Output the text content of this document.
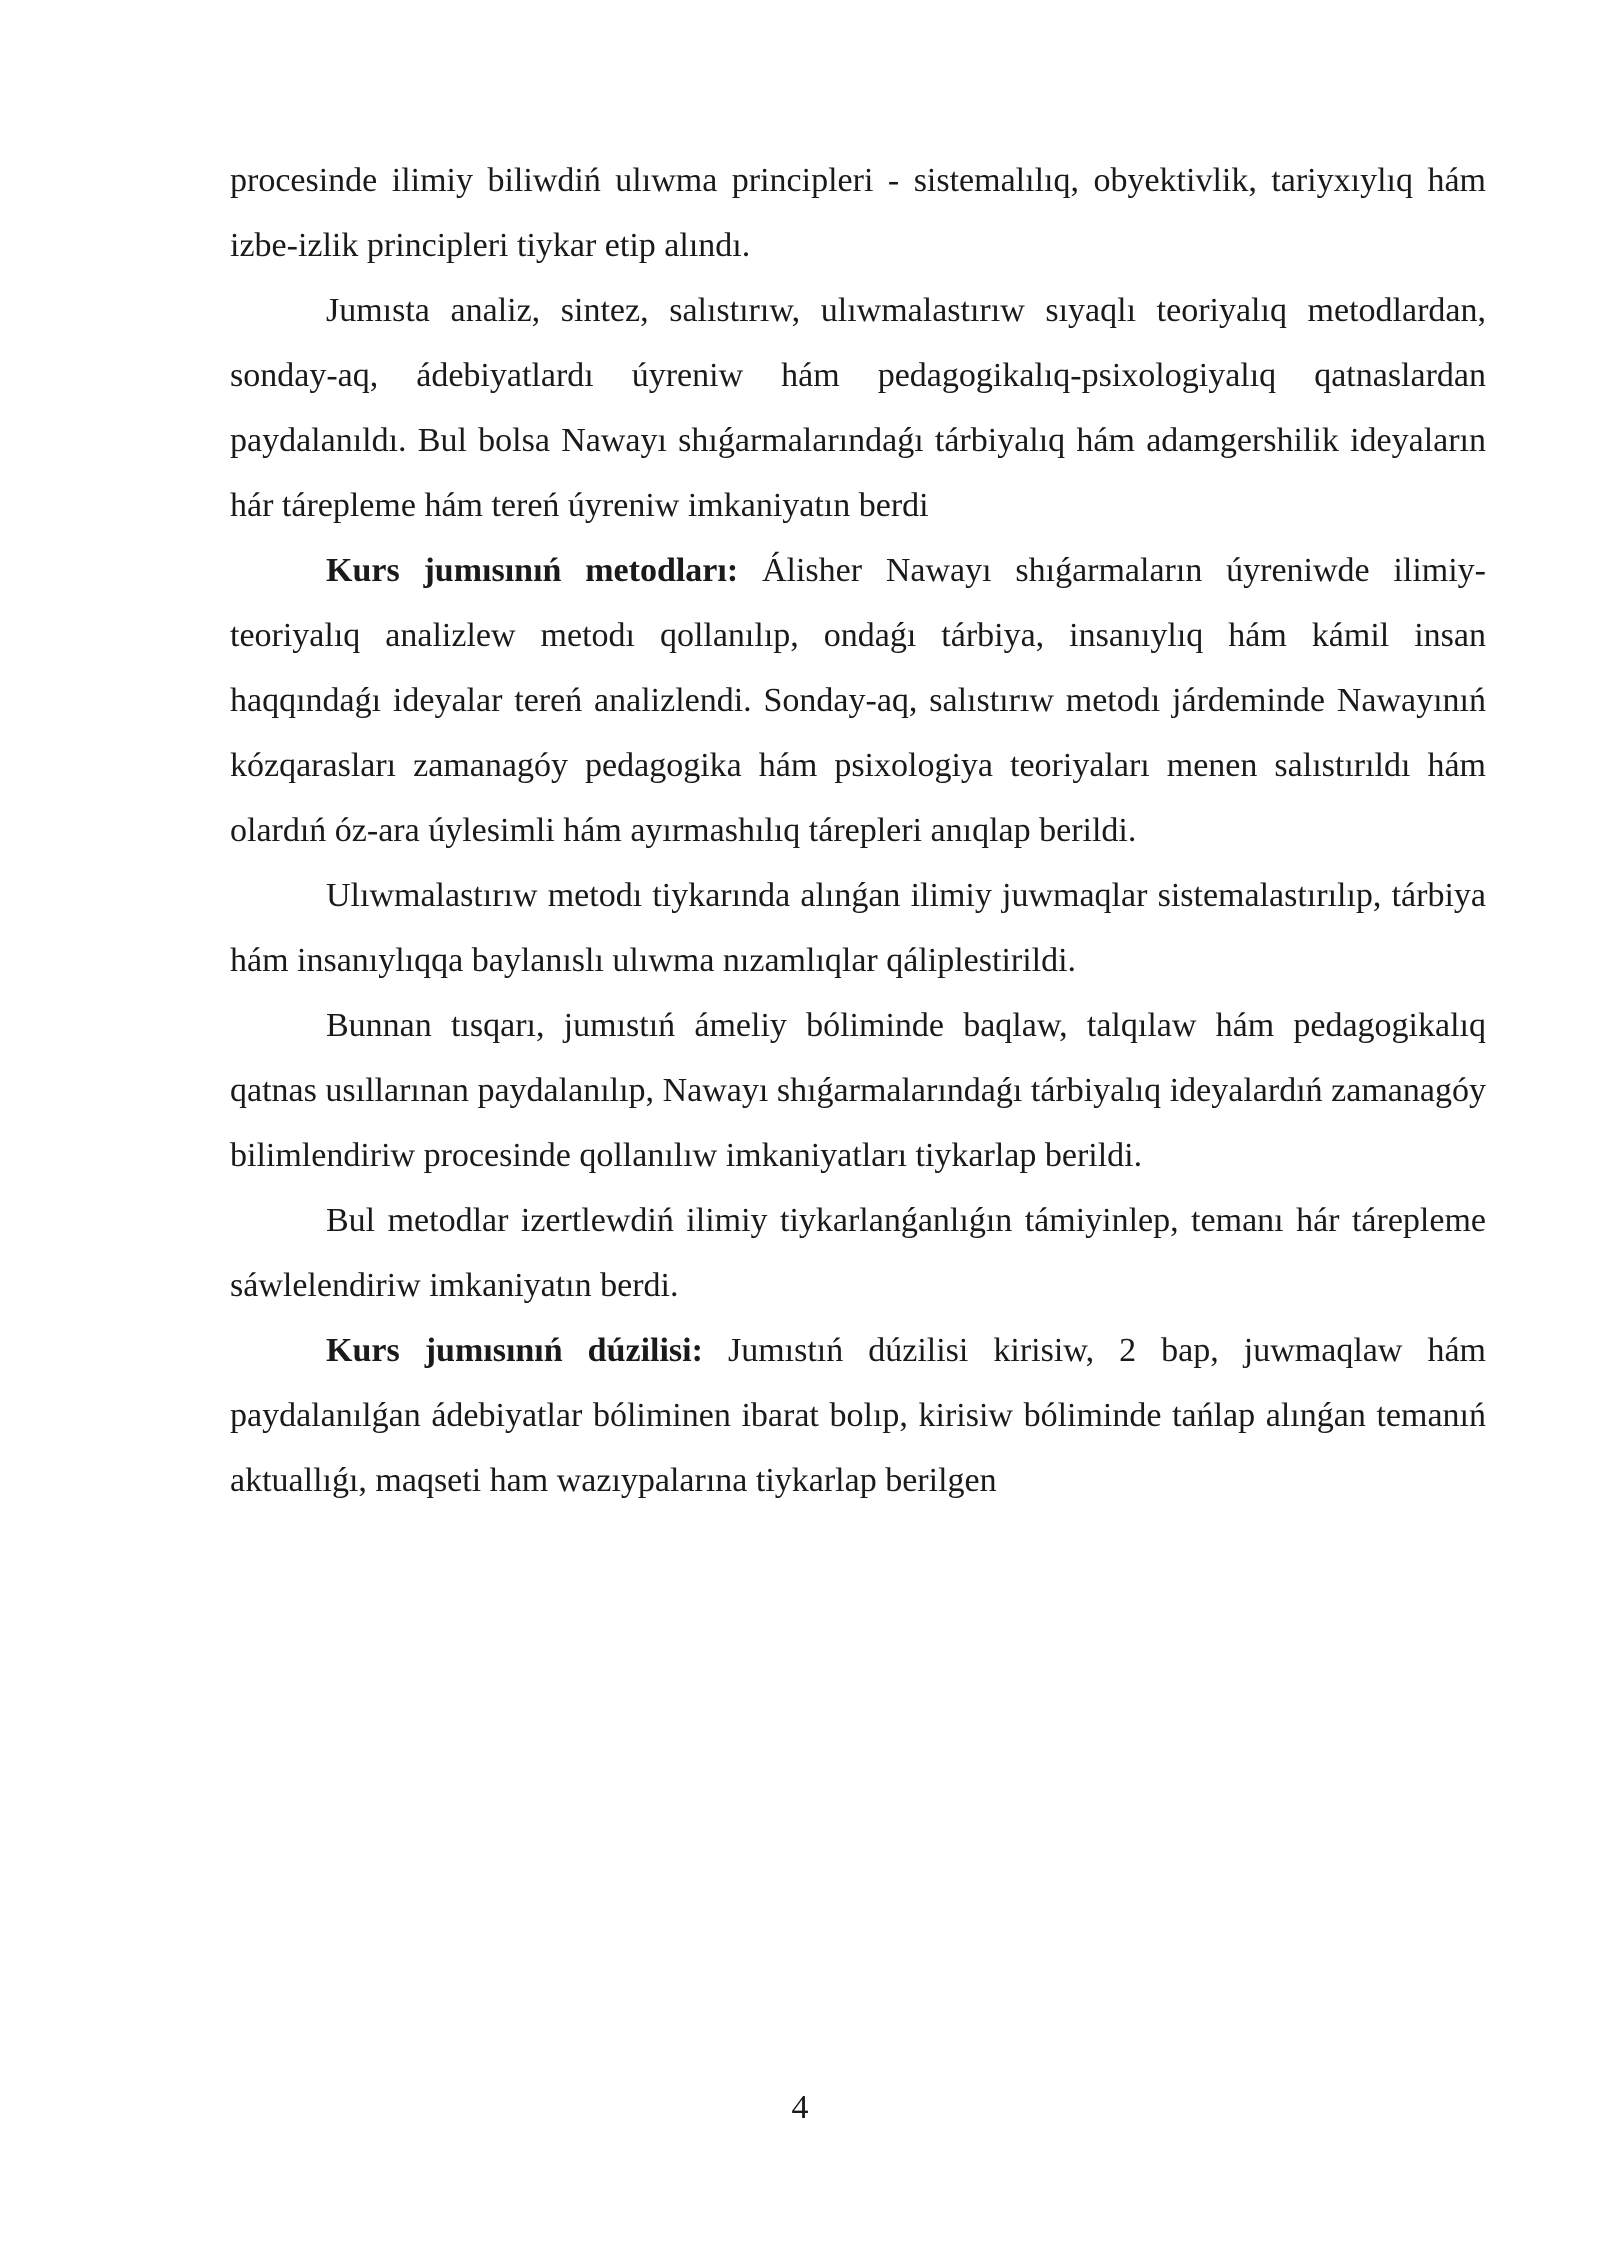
procesinde ilimiy biliwdiń ulıwma principleri - sistemalılıq, obyektivlik, tariyxıylıq hám izbe-izlik principleri tiykar etip alındı.

Jumısta analiz, sintez, salıstırıw, ulıwmalastırıw sıyaqlı teoriyalıq metodlardan, sonday-aq, ádebiyatlardı úyreniw hám pedagogikalıq-psixologiyalıq qatnaslardan paydalanıldı. Bul bolsa Nawayı shıǵarmalarındaǵı tárbiyalıq hám adamgershilik ideyaların hár tárepleme hám tereń úyreniw imkaniyatın berdi

Kurs jumısınıń metodları: Álisher Nawayı shıǵarmaların úyreniwde ilimiy-teoriyalıq analizlew metodı qollanılıp, ondaǵı tárbiya, insanıylıq hám kámil insan haqqındaǵı ideyalar tereń analizlendi. Sonday-aq, salıstırıw metodı járdeminde Nawayınıń kózqarasları zamanagóy pedagogika hám psixologiya teoriyaları menen salıstırıldı hám olardıń óz-ara úylesimli hám ayırmashılıq tárepleri anıqlap berildi.

Ulıwmalastırıw metodı tiykarında alınǵan ilimiy juwmaqlar sistemalastırılıp, tárbiya hám insanıylıqqa baylanıslı ulıwma nızamlıqlar qáliplestirildi.

Bunnan tısqarı, jumıstıń ámeliy bóliminde baqlaw, talqılaw hám pedagogikalıq qatnas usıllarınan paydalanılıp, Nawayı shıǵarmalarındaǵı tárbiyalıq ideyalardıń zamanagóy bilimlendiriw procesinde qollanılıw imkaniyatları tiykarlap berildi.

Bul metodlar izertlewdiń ilimiy tiykarlanǵanlıǵın támiyinlep, temanı hár tárepleme sáwlelendiriw imkaniyatın berdi.

Kurs jumısınıń dúzilisi: Jumıstıń dúzilisi kirisiw, 2 bap, juwmaqlaw hám paydalanılǵan ádebiyatlar bóliminen ibarat bolıp, kirisiw bóliminde tańlap alınǵan temanıń aktuallıǵı, maqseti ham wazıypalarına tiykarlap berilgen

4
